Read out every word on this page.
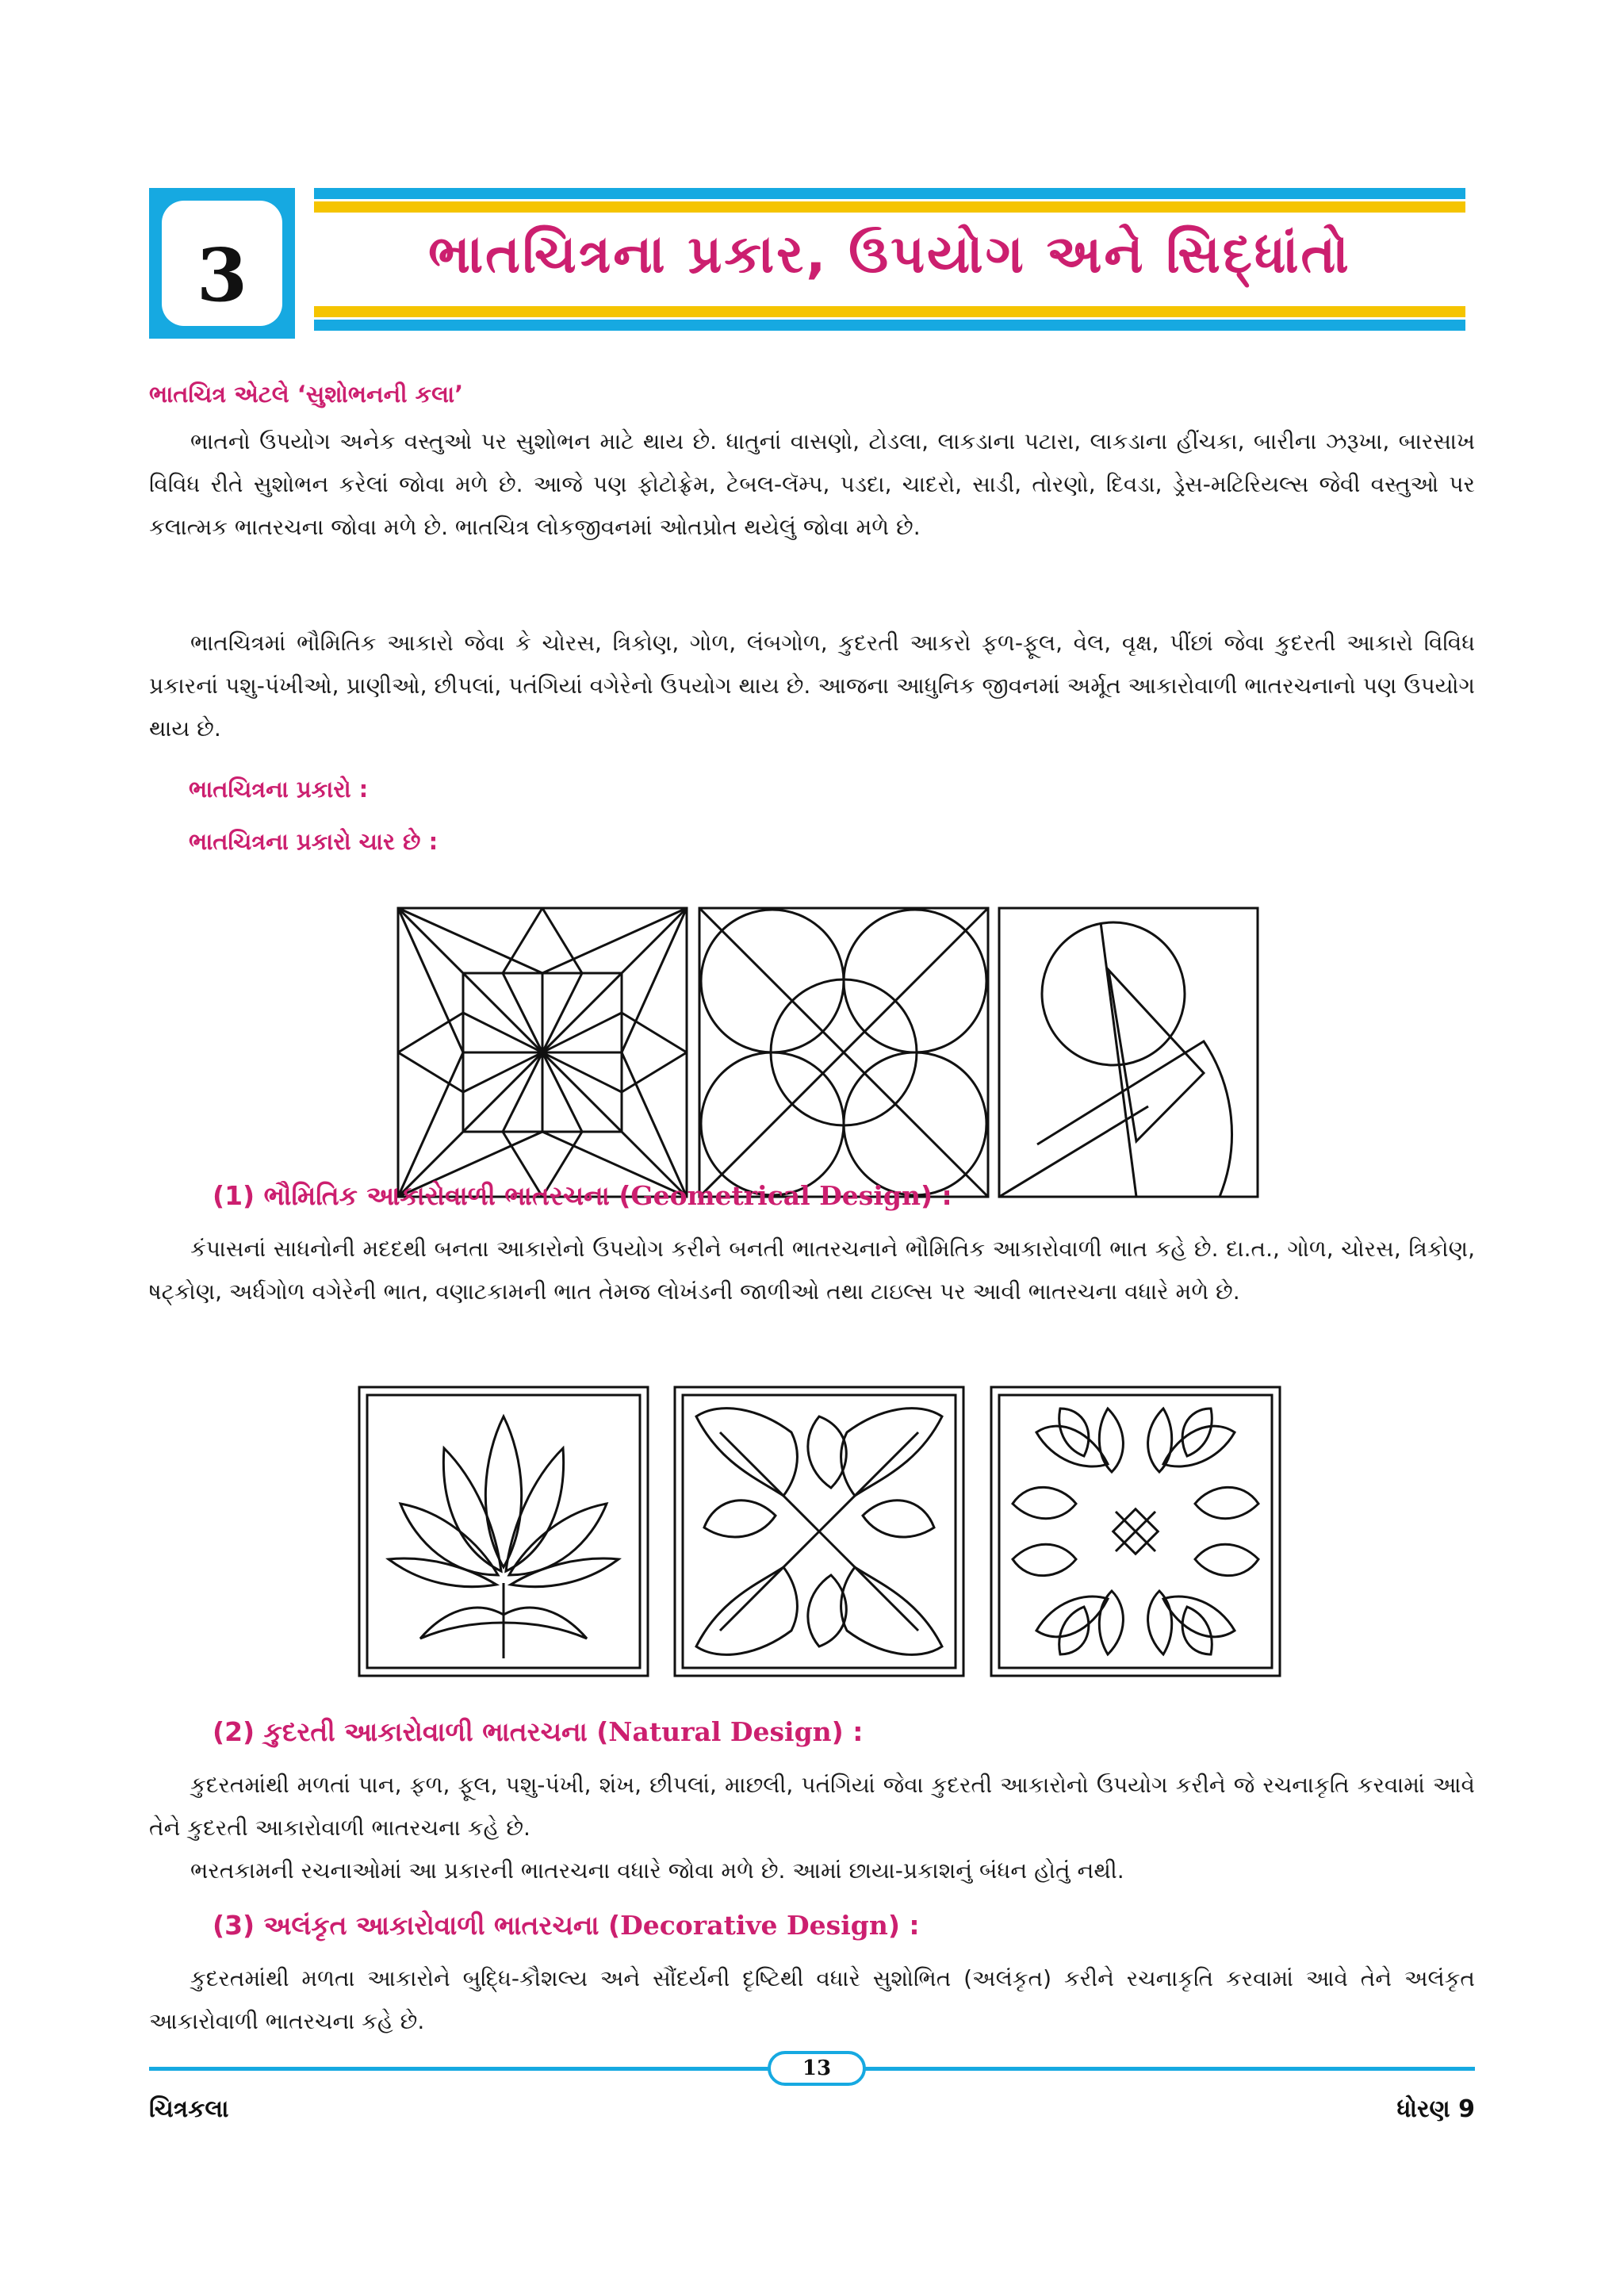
3	ભાતચિત્રના પ્રકાર, ઉપયોગ અને સિદ્ધાંતો
ભાતચિત્ર એટલે ‘સુશોભનની કલા’
ભાતનો ઉપયોગ અનેક વસ્તુઓ પર સુશોભન માટે થાય છે. ધાતુનાં વાસણો, ટોડલા, લાકડાના પટારા, લાકડાના હીંચકા, બારીના ઝરૂખા, બારસાખ વિવિધ રીતે સુશોભન કરેલાં જોવા મળે છે. આજે પણ ફોટોફ્રેમ, ટેબલ-લૅમ્પ, પડદા, ચાદરો, સાડી, તોરણો, દિવડા, ડ્રેસ-મટિરિયલ્સ જેવી વસ્તુઓ પર કલાત્મક ભાતરચના જોવા મળે છે. ભાતચિત્ર લોકજીવનમાં ઓતપ્રોત થયેલું જોવા મળે છે.
ભાતચિત્રમાં ભૌમિતિક આકારો જેવા કે ચોરસ, ત્રિકોણ, ગોળ, લંબગોળ, કુદરતી આકરો ફળ-ફૂલ, વેલ, વૃક્ષ, પીંછાં જેવા કુદરતી આકારો વિવિધ પ્રકારનાં પશુ-પંખીઓ, પ્રાણીઓ, છીપલાં, પતંગિયાં વગેરેનો ઉપયોગ થાય છે. આજના આધુનિક જીવનમાં અર્મૂત આકારોવાળી ભાતરચનાનો પણ ઉપયોગ થાય છે.
ભાતચિત્રના પ્રકારો :
ભાતચિત્રના પ્રકારો ચાર છે :
(1) ભૌમિતિક આકારોવાળી ભાતરચના (Geometrical Design) :
કંપાસનાં સાધનોની મદદથી બનતા આકારોનો ઉપયોગ કરીને બનતી ભાતરચનાને ભૌમિતિક આકારોવાળી ભાત કહે છે. દા.ત., ગોળ, ચોરસ, ત્રિકોણ, ષટ્કોણ, અર્ધગોળ વગેરેની ભાત, વણાટકામની ભાત તેમજ લોખંડની જાળીઓ તથા ટાઇલ્સ પર આવી ભાતરચના વધારે મળે છે.
(2) કુદરતી આકારોવાળી ભાતરચના (Natural Design) :
કુદરતમાંથી મળતાં પાન, ફળ, ફૂલ, પશુ-પંખી, શંખ, છીપલાં, માછલી, પતંગિયાં જેવા કુદરતી આકારોનો ઉપયોગ કરીને જે રચનાકૃતિ કરવામાં આવે તેને કુદરતી આકારોવાળી ભાતરચના કહે છે.
ભરતકામની રચનાઓમાં આ પ્રકારની ભાતરચના વધારે જોવા મળે છે. આમાં છાયા-પ્રકાશનું બંધન હોતું નથી.
(3) અલંકૃત આકારોવાળી ભાતરચના (Decorative Design) :
કુદરતમાંથી મળતા આકારોને બુદ્ધિ-કૌશલ્ય અને સૌંદર્યની દૃષ્ટિથી વધારે સુશોભિત (અલંકૃત) કરીને રચનાકૃતિ કરવામાં આવે તેને અલંકૃત આકારોવાળી ભાતરચના કહે છે.
13
ચિત્રકલા	ધોરણ 9
